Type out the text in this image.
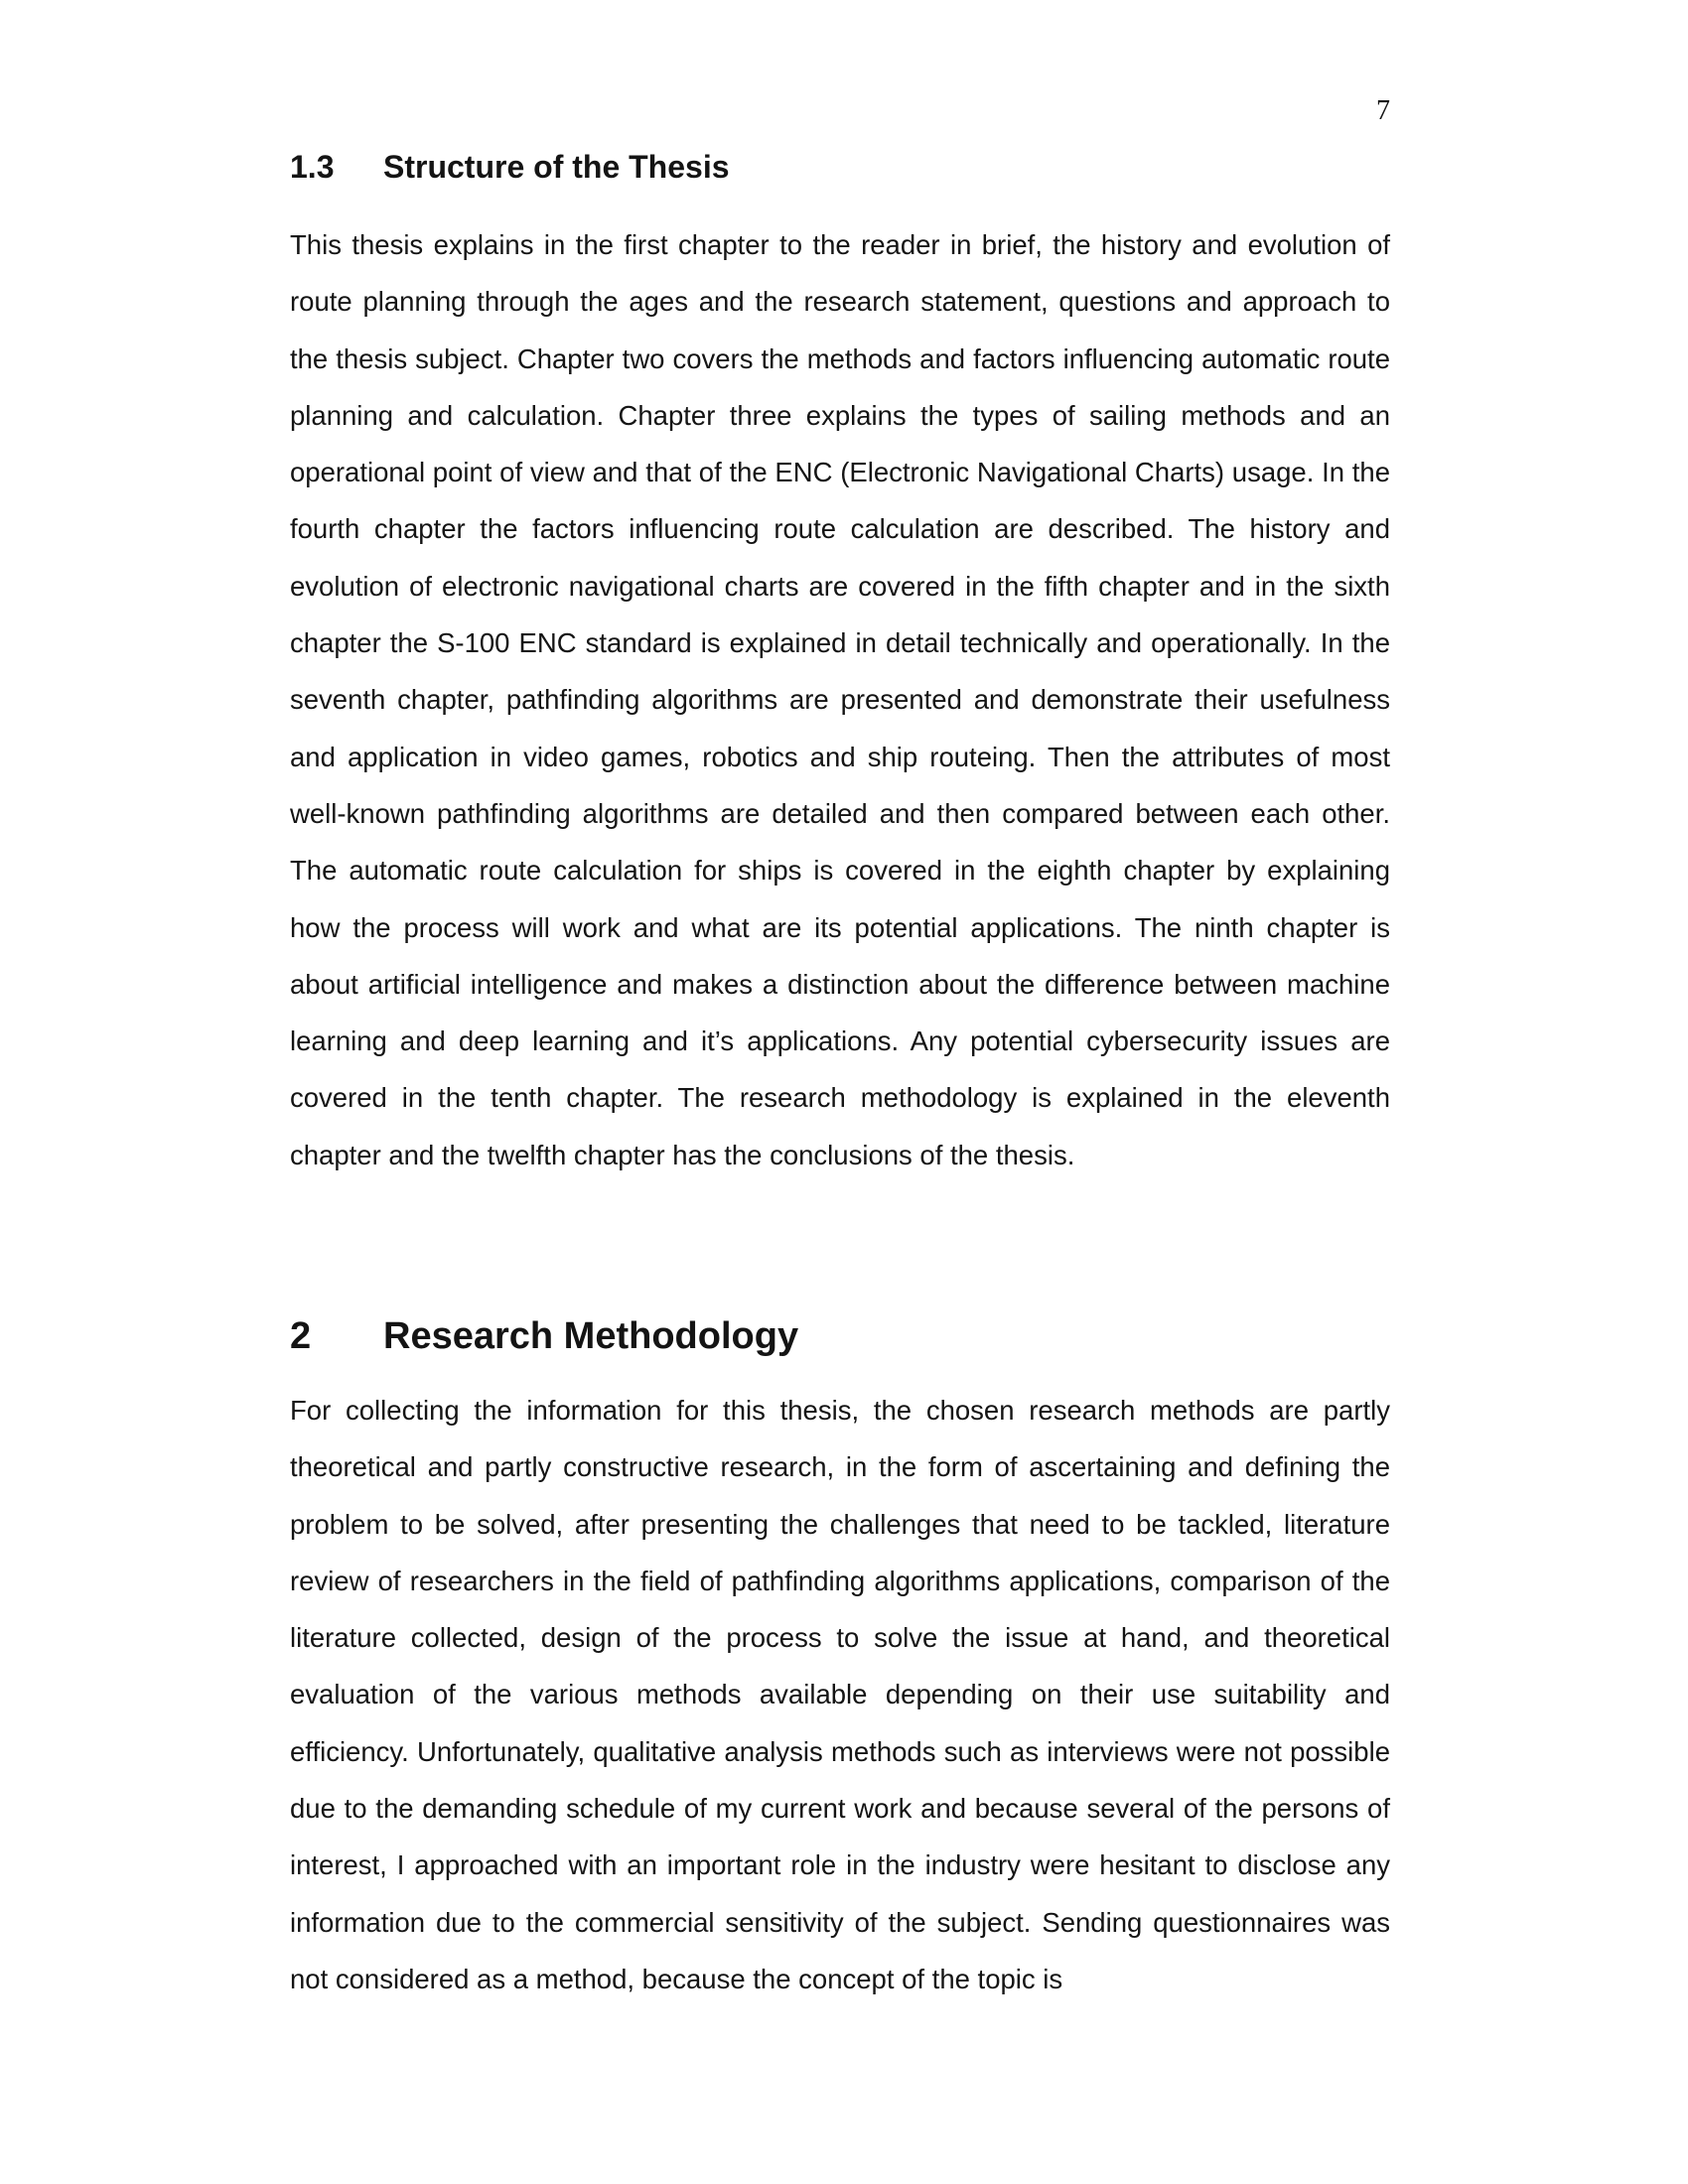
7
1.3	Structure of the Thesis

This thesis explains in the first chapter to the reader in brief, the history and evolution of route planning through the ages and the research statement, questions and approach to the thesis subject. Chapter two covers the methods and factors influencing automatic route planning and calculation. Chapter three explains the types of sailing methods and an operational point of view and that of the ENC (Electronic Navigational Charts) usage. In the fourth chapter the factors influencing route calculation are described. The history and evolution of electronic navigational charts are covered in the fifth chapter and in the sixth chapter the S-100 ENC standard is explained in detail technically and operationally. In the seventh chapter, pathfinding algorithms are presented and demonstrate their usefulness and application in video games, robotics and ship routeing. Then the attributes of most well-known pathfinding algorithms are detailed and then compared between each other. The automatic route calculation for ships is covered in the eighth chapter by explaining how the process will work and what are its potential applications. The ninth chapter is about artificial intelligence and makes a distinction about the difference between machine learning and deep learning and it’s applications. Any potential cybersecurity issues are covered in the tenth chapter. The research methodology is explained in the eleventh chapter and the twelfth chapter has the conclusions of the thesis.

2	Research Methodology

For collecting the information for this thesis, the chosen research methods are partly theoretical and partly constructive research, in the form of ascertaining and defining the problem to be solved, after presenting the challenges that need to be tackled, literature review of researchers in the field of pathfinding algorithms applications, comparison of the literature collected, design of the process to solve the issue at hand, and theoretical evaluation of the various methods available depending on their use suitability and efficiency. Unfortunately, qualitative analysis methods such as interviews were not possible due to the demanding schedule of my current work and because several of the persons of interest, I approached with an important role in the industry were hesitant to disclose any information due to the commercial sensitivity of the subject. Sending questionnaires was not considered as a method, because the concept of the topic is
